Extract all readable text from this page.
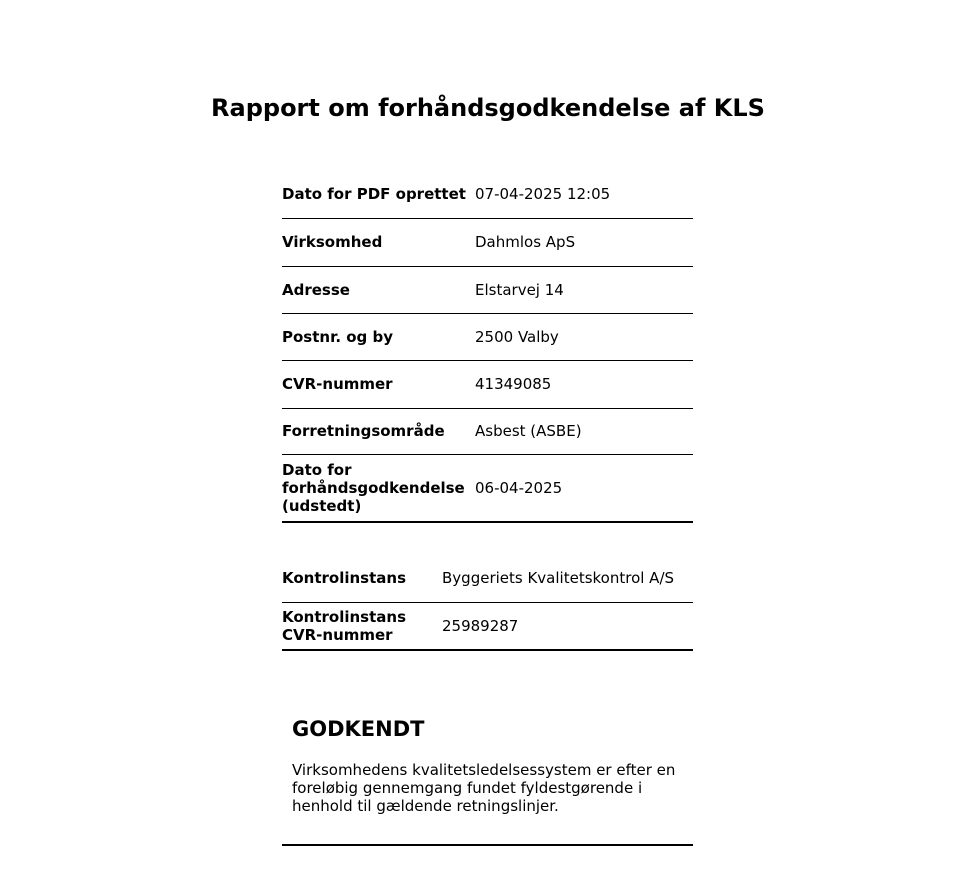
Rapport om forhåndsgodkendelse af KLS
Dato for PDF oprettet	07-04-2025 12:05
Virksomhed	Dahmlos ApS
Adresse	Elstarvej 14
Postnr. og by	2500 Valby
CVR-nummer	41349085
Forretningsområde	Asbest (ASBE)
Dato for forhåndsgodkendelse (udstedt)	06-04-2025
Kontrolinstans	Byggeriets Kvalitetskontrol A/S
Kontrolinstans CVR-nummer	25989287
GODKENDT
Virksomhedens kvalitetsledelsessystem er efter en foreløbig gennemgang fundet fyldestgørende i henhold til gældende retningslinjer.
